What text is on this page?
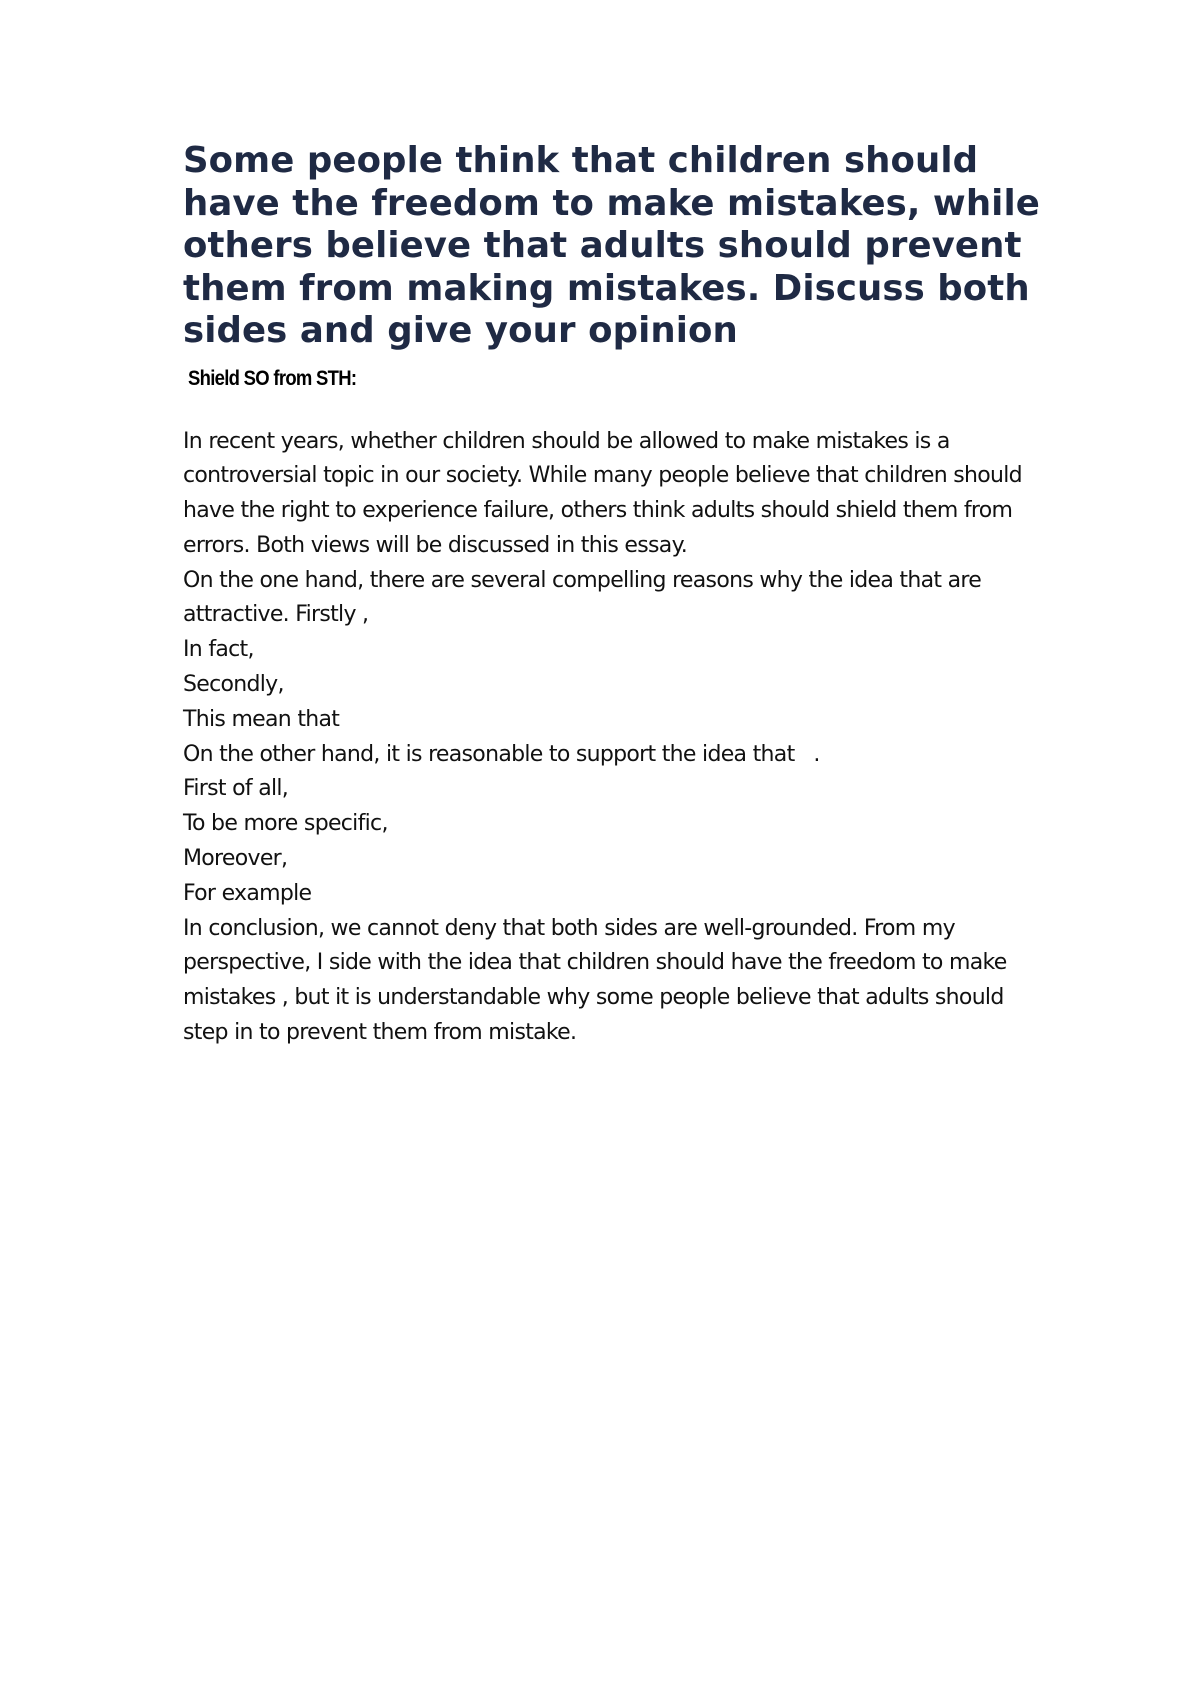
Some people think that children should have the freedom to make mistakes, while others believe that adults should prevent them from making mistakes. Discuss both sides and give your opinion
Shield SO from STH:

In recent years, whether children should be allowed to make mistakes is a controversial topic in our society. While many people believe that children should have the right to experience failure, others think adults should shield them from errors. Both views will be discussed in this essay.

On the one hand, there are several compelling reasons why the idea that are attractive. Firstly ,

In fact,

Secondly,

This mean that

On the other hand, it is reasonable to support the idea that   .

First of all,

To be more specific,

Moreover,

For example

In conclusion, we cannot deny that both sides are well-grounded. From my perspective, I side with the idea that children should have the freedom to make mistakes , but it is understandable why some people believe that adults should step in to prevent them from mistake.
